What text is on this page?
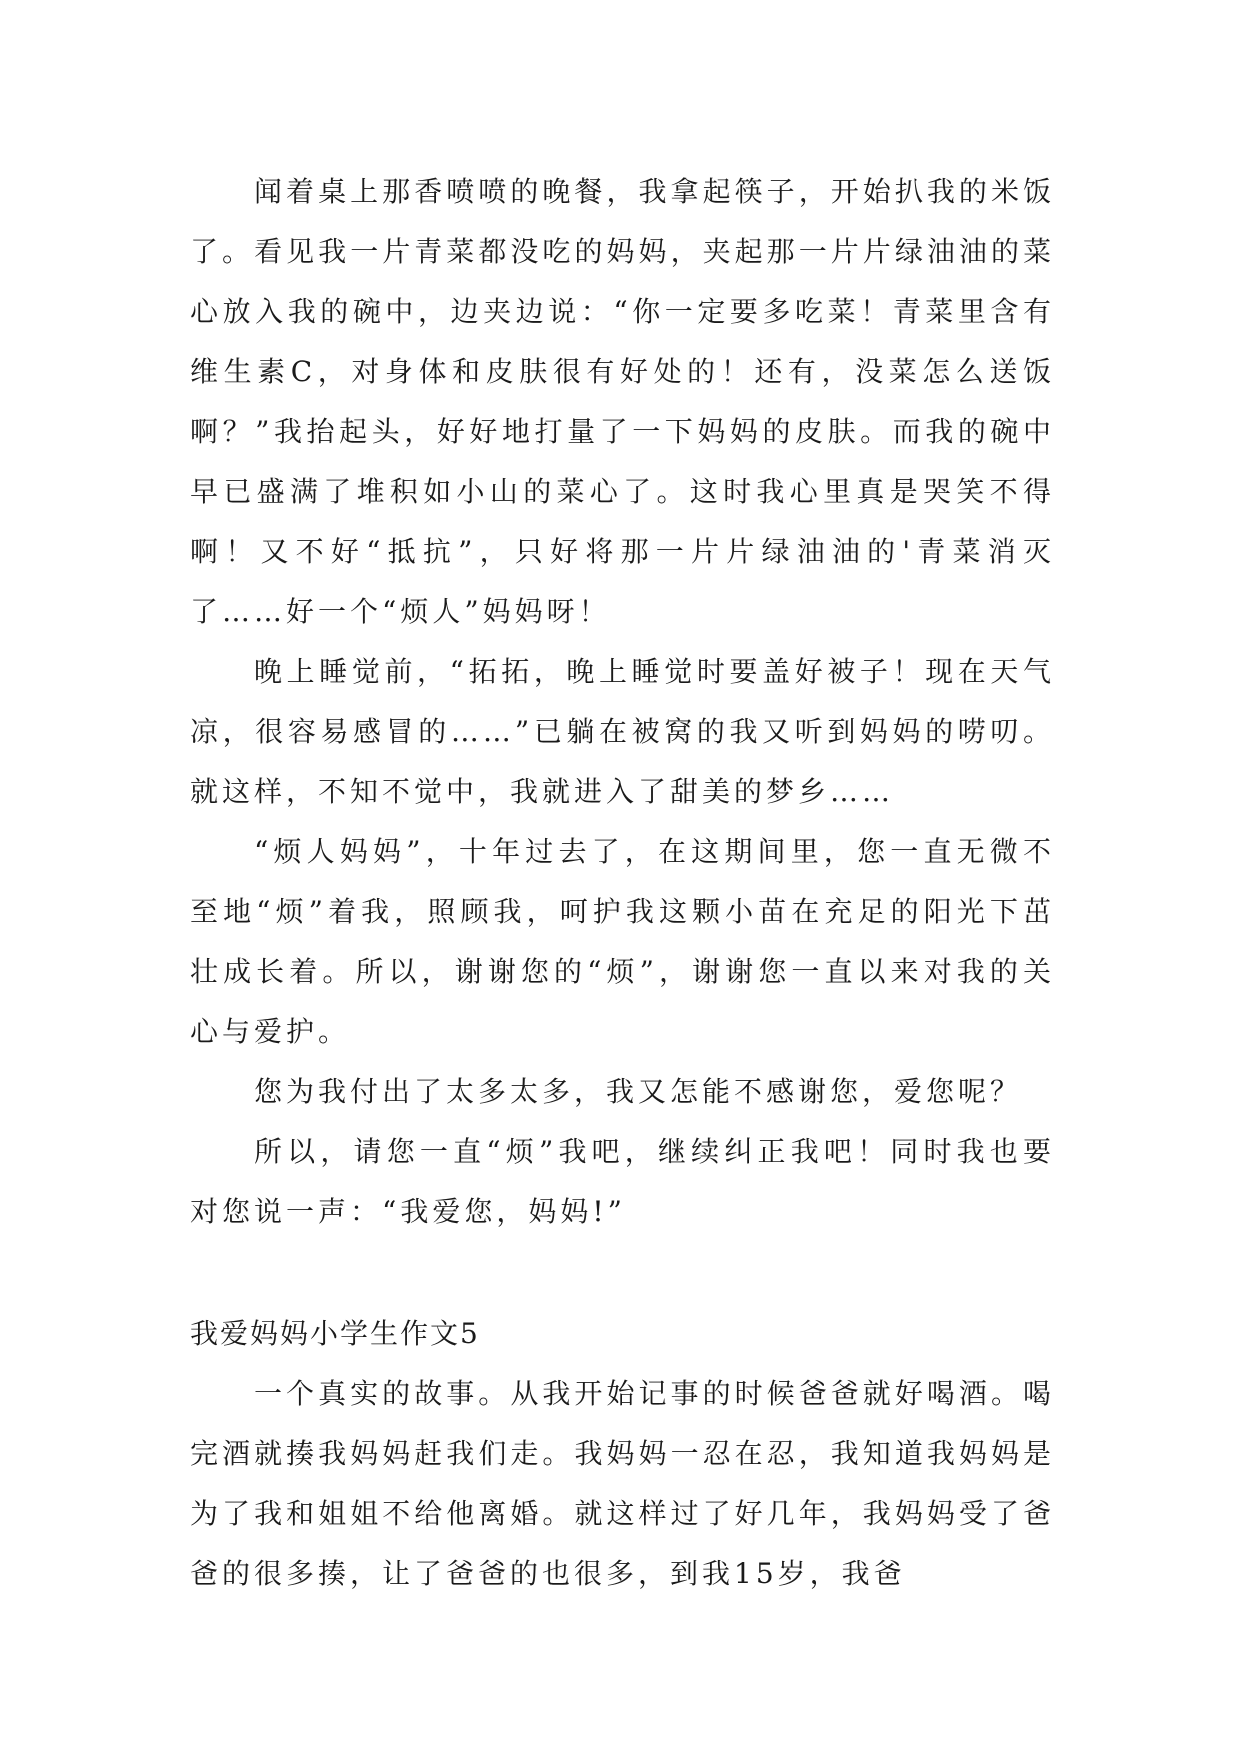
闻着桌上那香喷喷的晚餐，我拿起筷子，开始扒我的米饭了。看见我一片青菜都没吃的妈妈，夹起那一片片绿油油的菜心放入我的碗中，边夹边说：“你一定要多吃菜！青菜里含有维生素C，对身体和皮肤很有好处的！还有，没菜怎么送饭啊？”我抬起头，好好地打量了一下妈妈的皮肤。而我的碗中早已盛满了堆积如小山的菜心了。这时我心里真是哭笑不得啊！又不好“抵抗”，只好将那一片片绿油油的'青菜消灭了……好一个“烦人”妈妈呀！

晚上睡觉前，“拓拓，晚上睡觉时要盖好被子！现在天气凉，很容易感冒的……”已躺在被窝的我又听到妈妈的唠叨。就这样，不知不觉中，我就进入了甜美的梦乡……

“烦人妈妈”，十年过去了，在这期间里，您一直无微不至地“烦”着我，照顾我，呵护我这颗小苗在充足的阳光下茁壮成长着。所以，谢谢您的“烦”，谢谢您一直以来对我的关心与爱护。

您为我付出了太多太多，我又怎能不感谢您，爱您呢？

所以，请您一直“烦”我吧，继续纠正我吧！同时我也要对您说一声：“我爱您，妈妈!”

我爱妈妈小学生作文5

一个真实的故事。从我开始记事的时候爸爸就好喝酒。喝完酒就揍我妈妈赶我们走。我妈妈一忍在忍，我知道我妈妈是为了我和姐姐不给他离婚。就这样过了好几年，我妈妈受了爸爸的很多揍，让了爸爸的也很多，到我15岁，我爸
